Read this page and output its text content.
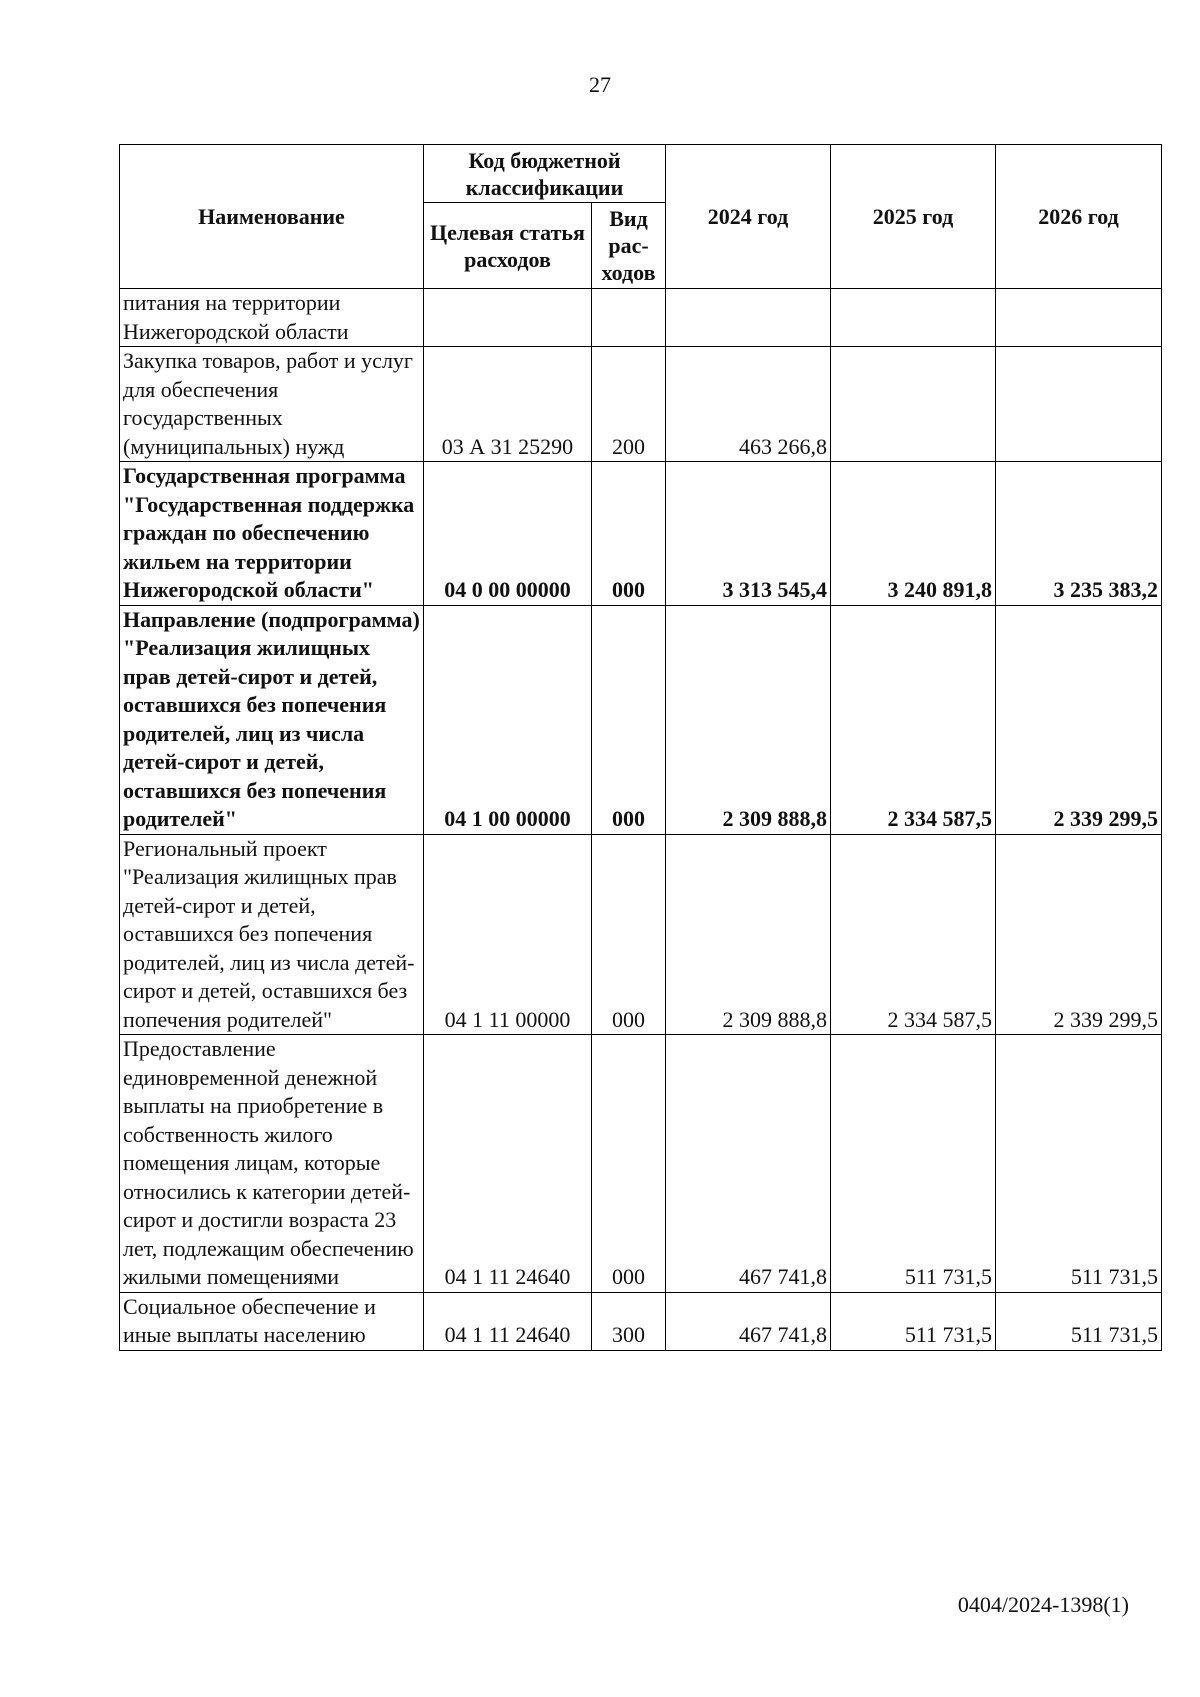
27
Наименование	Код бюджетной классификации		2024 год	2025 год	2026 год
	Целевая статья расходов	Вид рас-ходов			
питания на территории Нижегородской области					
Закупка товаров, работ и услуг для обеспечения государственных (муниципальных) нужд	03 А 31 25290	200	463 266,8		
Государственная программа "Государственная поддержка граждан по обеспечению жильем на территории Нижегородской области"	04 0 00 00000	000	3 313 545,4	3 240 891,8	3 235 383,2
Направление (подпрограмма) "Реализация жилищных прав детей-сирот и детей, оставшихся без попечения родителей, лиц из числа детей-сирот и детей, оставшихся без попечения родителей"	04 1 00 00000	000	2 309 888,8	2 334 587,5	2 339 299,5
Региональный проект "Реализация жилищных прав детей-сирот и детей, оставшихся без попечения родителей, лиц из числа детей-сирот и детей, оставшихся без попечения родителей"	04 1 11 00000	000	2 309 888,8	2 334 587,5	2 339 299,5
Предоставление единовременной денежной выплаты на приобретение в собственность жилого помещения лицам, которые относились к категории детей-сирот и достигли возраста 23 лет, подлежащим обеспечению жилыми помещениями	04 1 11 24640	000	467 741,8	511 731,5	511 731,5
Социальное обеспечение и иные выплаты населению	04 1 11 24640	300	467 741,8	511 731,5	511 731,5
0404/2024-1398(1)
